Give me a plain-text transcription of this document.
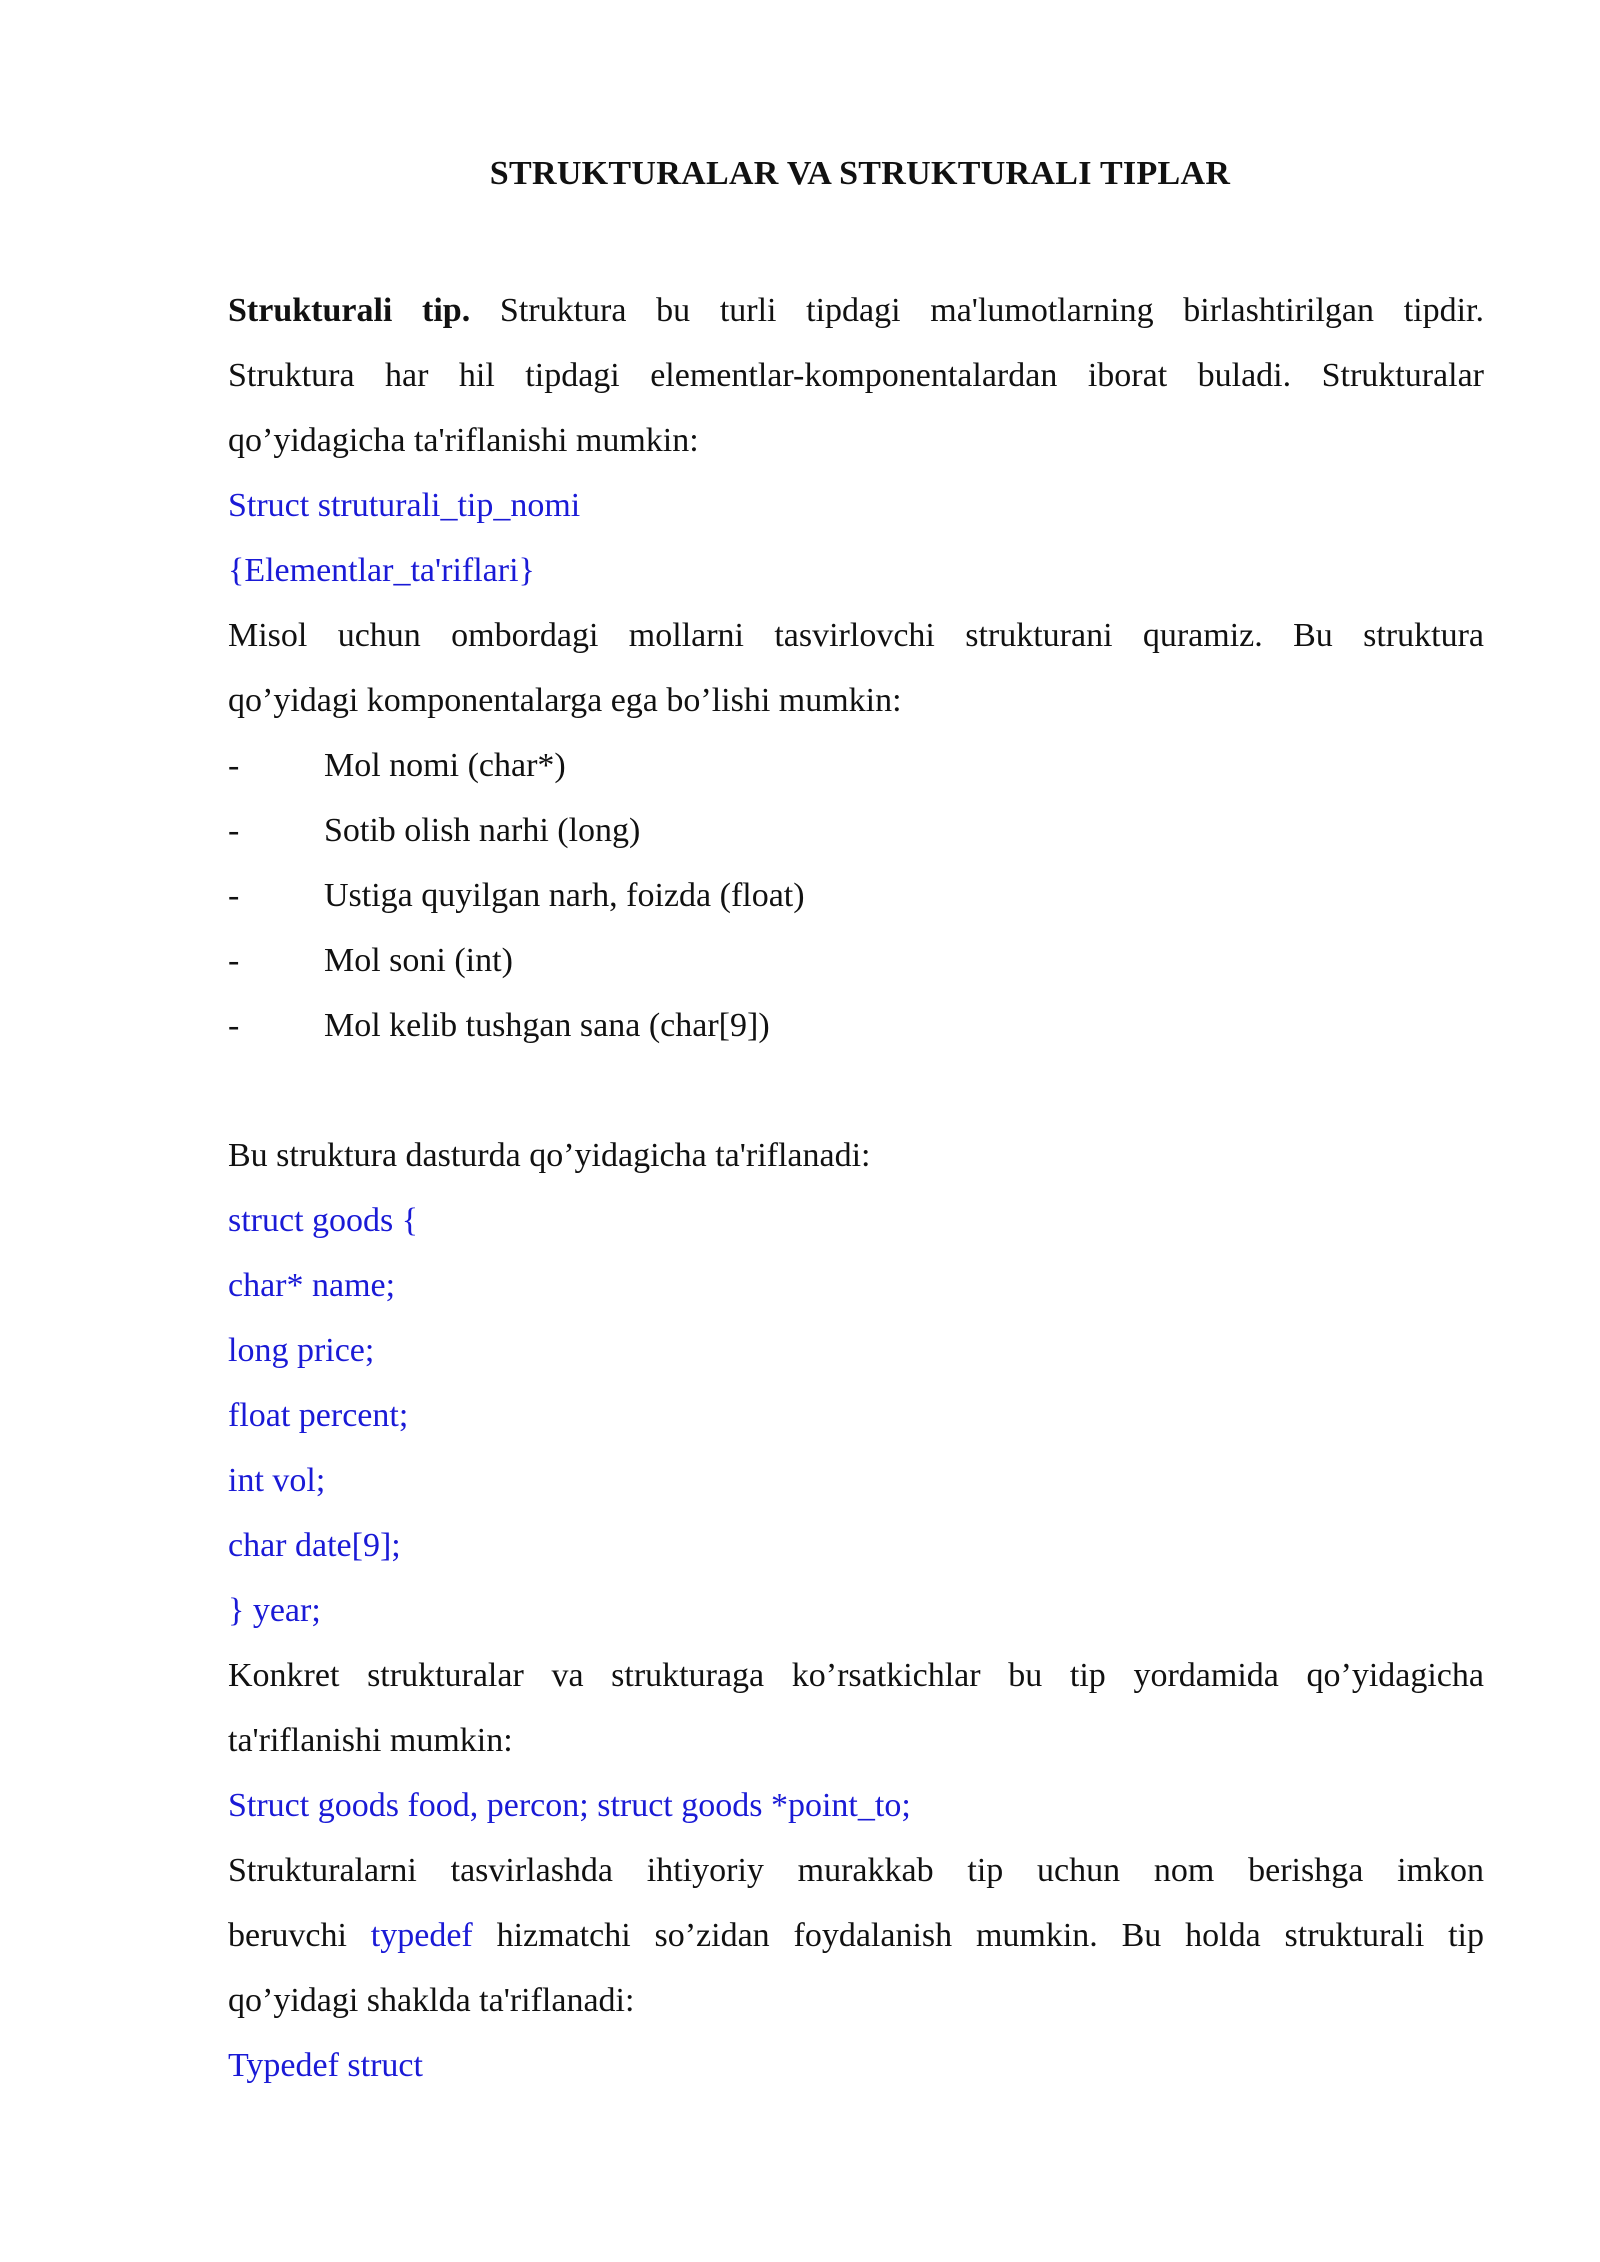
STRUKTURALAR VA STRUKTURALI TIPLAR
Strukturali tip. Struktura bu turli tipdagi ma'lumotlarning birlashtirilgan tipdir.
Struktura har hil tipdagi elementlar-komponentalardan iborat buladi. Strukturalar
qo’yidagicha ta'riflanishi mumkin:
Struct struturali_tip_nomi
{Elementlar_ta'riflari}
Misol uchun ombordagi mollarni tasvirlovchi strukturani quramiz. Bu struktura
qo’yidagi komponentalarga ega bo’lishi mumkin:
-	Mol nomi (char*)
-	Sotib olish narhi (long)
-	Ustiga quyilgan narh, foizda (float)
-	Mol soni (int)
-	Mol kelib tushgan sana (char[9])
Bu struktura dasturda qo’yidagicha ta'riflanadi:
struct goods {
char* name;
long price;
float percent;
int vol;
char date[9];
} year;
Konkret strukturalar va strukturaga ko’rsatkichlar bu tip yordamida qo’yidagicha
ta'riflanishi mumkin:
Struct goods food, percon; struct goods *point_to;
Strukturalarni tasvirlashda ihtiyoriy murakkab tip uchun nom berishga imkon
beruvchi typedef hizmatchi so’zidan foydalanish mumkin. Bu holda strukturali tip
qo’yidagi shaklda ta'riflanadi:
Typedef struct
